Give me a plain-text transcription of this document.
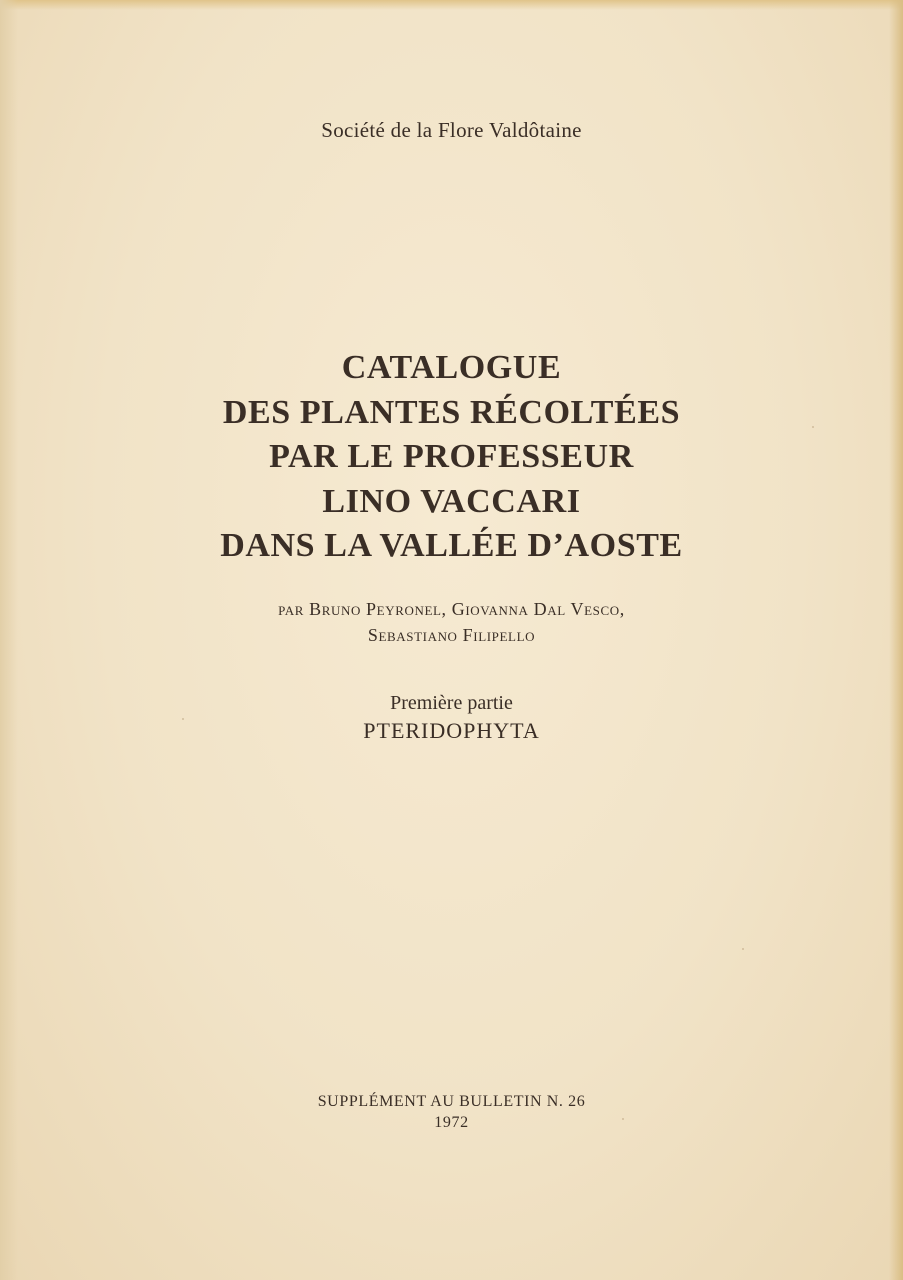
Société de la Flore Valdôtaine
CATALOGUE
DES PLANTES RÉCOLTÉES
PAR LE PROFESSEUR
LINO VACCARI
DANS LA VALLÉE D’AOSTE
par Bruno Peyronel, Giovanna Dal Vesco,
Sebastiano Filipello
Première partie
PTERIDOPHYTA
SUPPLÉMENT AU BULLETIN N. 26
1972
